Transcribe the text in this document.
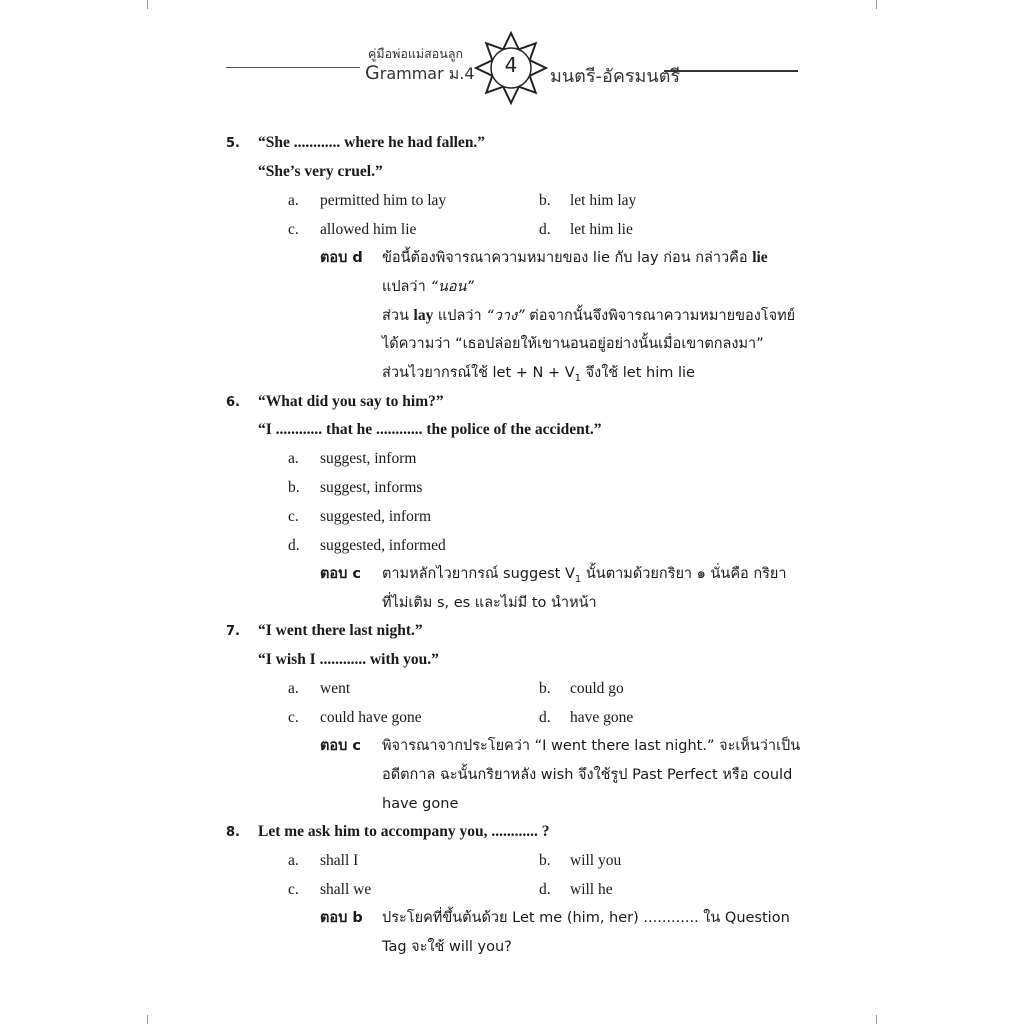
คู่มือพ่อแม่สอนลูก
Grammar ม.4	4	มนตรี-อัครมนตรี
5. “She ............ where he had fallen.”
“She’s very cruel.”
a. permitted him to lay	b. let him lay
c. allowed him lie	d. let him lie
ตอบ d ข้อนี้ต้องพิจารณาความหมายของ lie กับ lay ก่อน กล่าวคือ lie
แปลว่า “นอน”
ส่วน lay แปลว่า “วาง” ต่อจากนั้นจึงพิจารณาความหมายของโจทย์
ได้ความว่า “เธอปล่อยให้เขานอนอยู่อย่างนั้นเมื่อเขาตกลงมา”
ส่วนไวยากรณ์ใช้ let + $N + V_1$ จึงใช้ let him lie
6. “What did you say to him?”
“I ............ that he ............ the police of the accident.”
a. suggest, inform
b. suggest, informs
c. suggested, inform
d. suggested, informed
ตอบ c ตามหลักไวยากรณ์ suggest $V_1$ นั้นตามด้วยกริยา ๑ นั่นคือ กริยา
ที่ไม่เติม s, es และไม่มี to นำหน้า
7. “I went there last night.”
“I wish I ............ with you.”
a. went	b. could go
c. could have gone	d. have gone
ตอบ c พิจารณาจากประโยคว่า “I went there last night.” จะเห็นว่าเป็น
อดีตกาล ฉะนั้นกริยาหลัง wish จึงใช้รูป Past Perfect หรือ could
have gone
8. Let me ask him to accompany you, ............ ?
a. shall I	b. will you
c. shall we	d. will he
ตอบ b ประโยคที่ขึ้นต้นด้วย Let me (him, her) ............ ใน Question
Tag จะใช้ will you?
